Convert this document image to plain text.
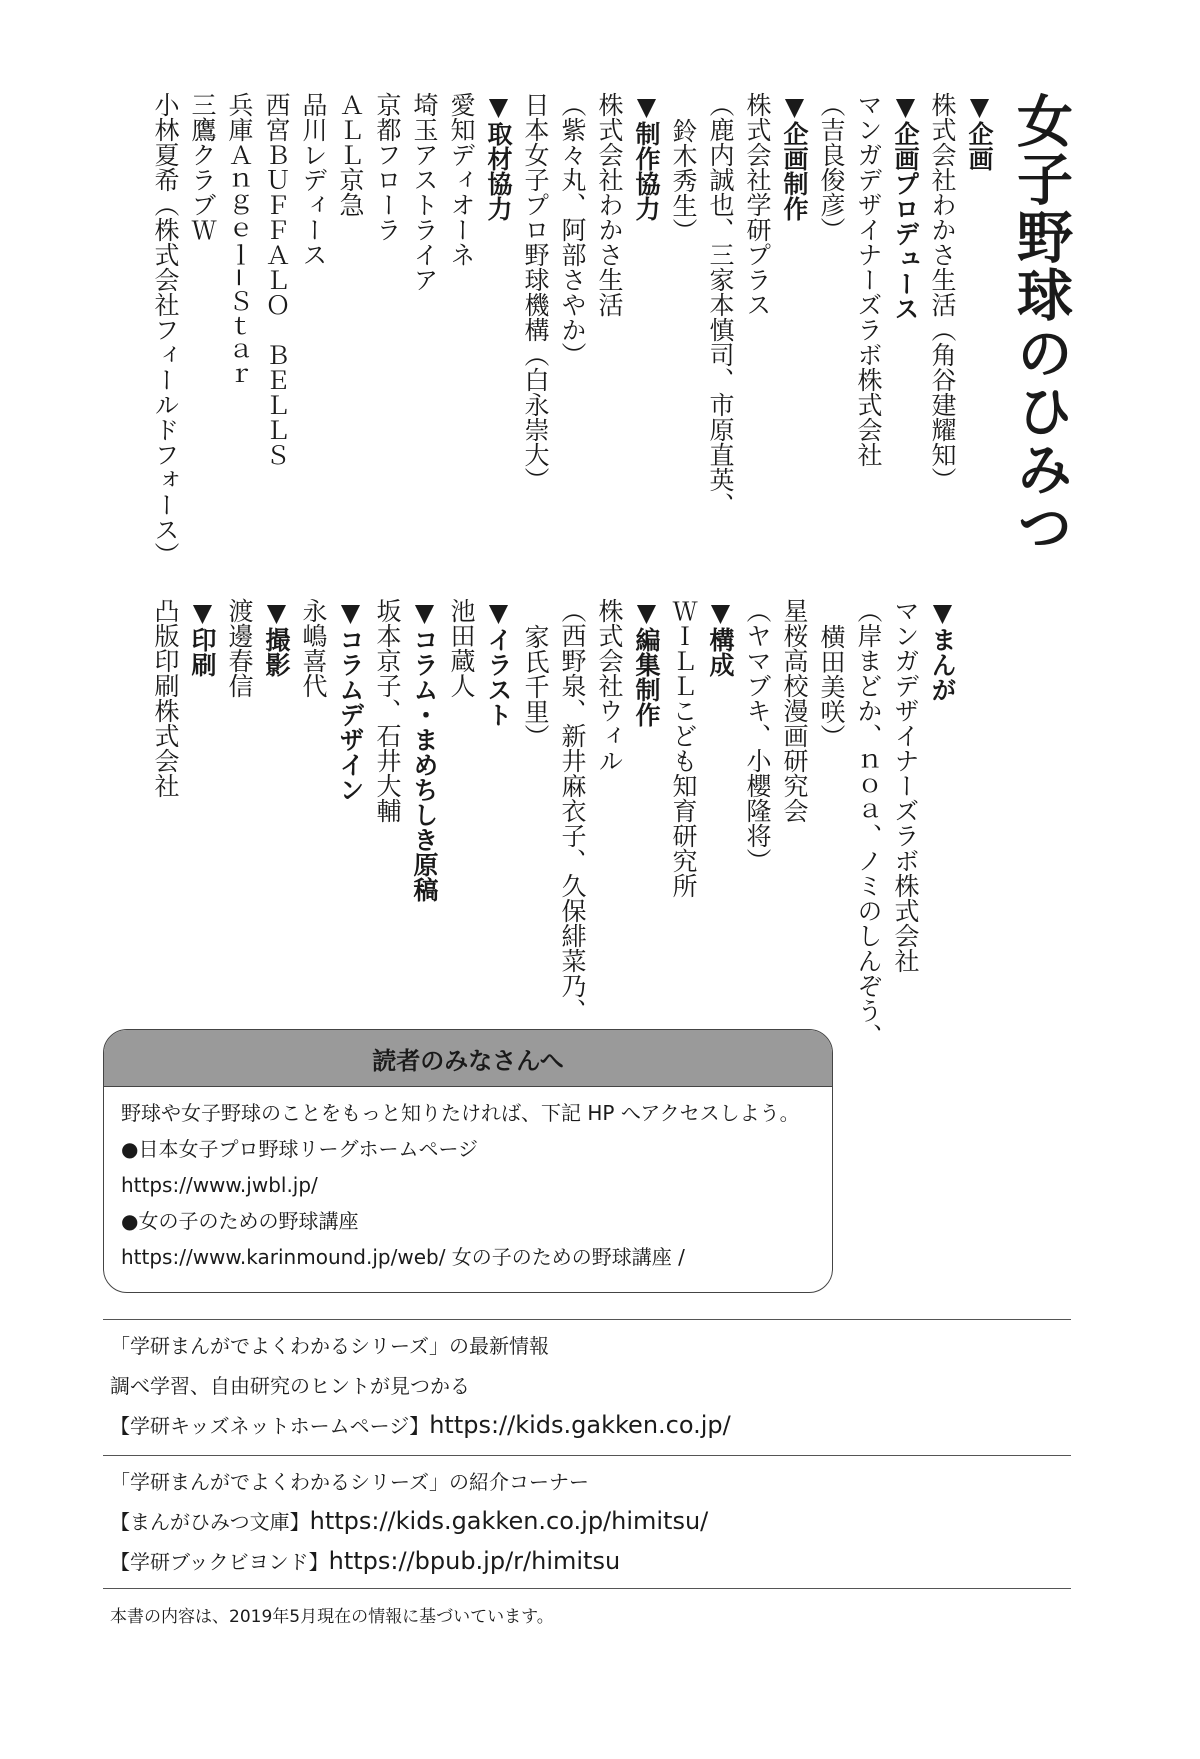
女子野球のひみつ
▼企画
株式会社わかさ生活（角谷建耀知）
▼企画プロデュース
マンガデザイナーズラボ株式会社
（吉良俊彦）
▼企画制作
株式会社学研プラス
（鹿内誠也、三家本慎司、市原直英、
鈴木秀生）
▼制作協力
株式会社わかさ生活
（紫々丸、阿部さやか）
日本女子プロ野球機構（白永崇大）
▼取材協力
愛知ディオーネ
埼玉アストライア
京都フローラ
ＡＬＬ京急
品川レディース
西宮ＢＵＦＦＡＬＯ　ＢＥＬＬＳ
兵庫Ａｎｇｅｌ−Ｓｔａｒ
三鷹クラブＷ
小林夏希（株式会社フィールドフォース）
▼まんが
マンガデザイナーズラボ株式会社
（岸まどか、ｎｏａ、ノミのしんぞう、
横田美咲）
星桜高校漫画研究会
（ヤマブキ、小櫻隆将）
▼構成
ＷＩＬＬこども知育研究所
▼編集制作
株式会社ウィル
（西野泉、新井麻衣子、久保緋菜乃、
家氏千里）
▼イラスト
池田蔵人
▼コラム・まめちしき原稿
坂本京子、石井大輔
▼コラムデザイン
永嶋喜代
▼撮影
渡邊春信
▼印刷
凸版印刷株式会社
読者のみなさんへ
野球や女子野球のことをもっと知りたければ、下記 HP へアクセスしよう。
●日本女子プロ野球リーグホームページ
https://www.jwbl.jp/
●女の子のための野球講座
https://www.karinmound.jp/web/ 女の子のための野球講座 /
「学研まんがでよくわかるシリーズ」の最新情報
調べ学習、自由研究のヒントが見つかる
【学研キッズネットホームページ】https://kids.gakken.co.jp/
「学研まんがでよくわかるシリーズ」の紹介コーナー
【まんがひみつ文庫】https://kids.gakken.co.jp/himitsu/
【学研ブックビヨンド】https://bpub.jp/r/himitsu
本書の内容は、2019年5月現在の情報に基づいています。
